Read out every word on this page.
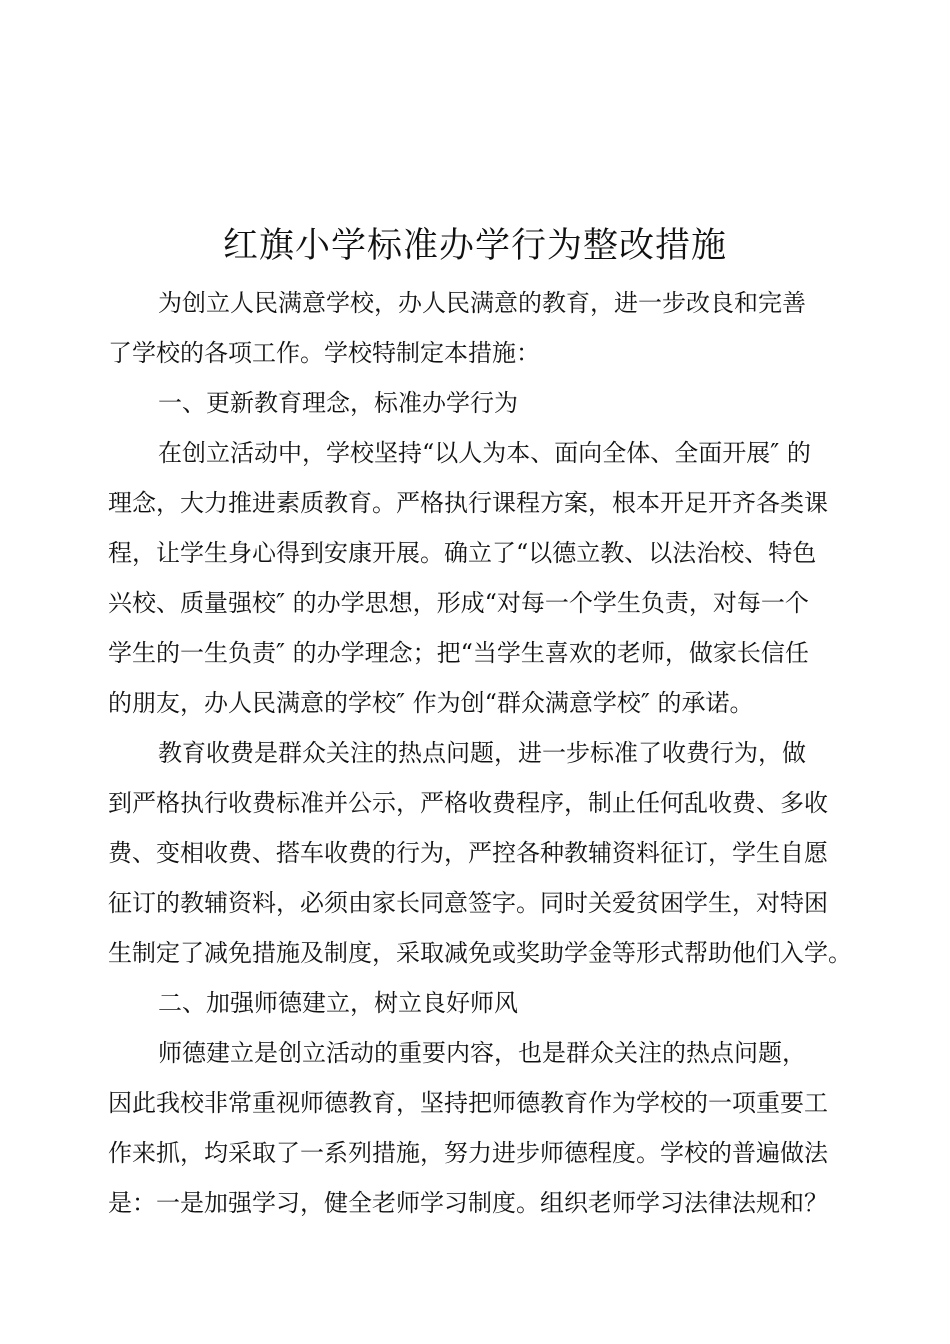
红旗小学标准办学行为整改措施
为创立人民满意学校，办人民满意的教育，进一步改良和完善
了学校的各项工作。学校特制定本措施：
一、更新教育理念，标准办学行为
在创立活动中，学校坚持“以人为本、面向全体、全面开展″ 的
理念，大力推进素质教育。严格执行课程方案，根本开足开齐各类课
程，让学生身心得到安康开展。确立了“以德立教、以法治校、特色
兴校、质量强校″ 的办学思想，形成“对每一个学生负责，对每一个
学生的一生负责″ 的办学理念；把“当学生喜欢的老师，做家长信任
的朋友，办人民满意的学校″ 作为创“群众满意学校″ 的承诺。
教育收费是群众关注的热点问题，进一步标准了收费行为，做
到严格执行收费标准并公示，严格收费程序，制止任何乱收费、多收
费、变相收费、搭车收费的行为，严控各种教辅资料征订，学生自愿
征订的教辅资料，必须由家长同意签字。同时关爱贫困学生，对特困
生制定了减免措施及制度，采取减免或奖助学金等形式帮助他们入学。
二、加强师德建立，树立良好师风
师德建立是创立活动的重要内容，也是群众关注的热点问题，
因此我校非常重视师德教育，坚持把师德教育作为学校的一项重要工
作来抓，均采取了一系列措施，努力进步师德程度。学校的普遍做法
是：一是加强学习，健全老师学习制度。组织老师学习法律法规和？
